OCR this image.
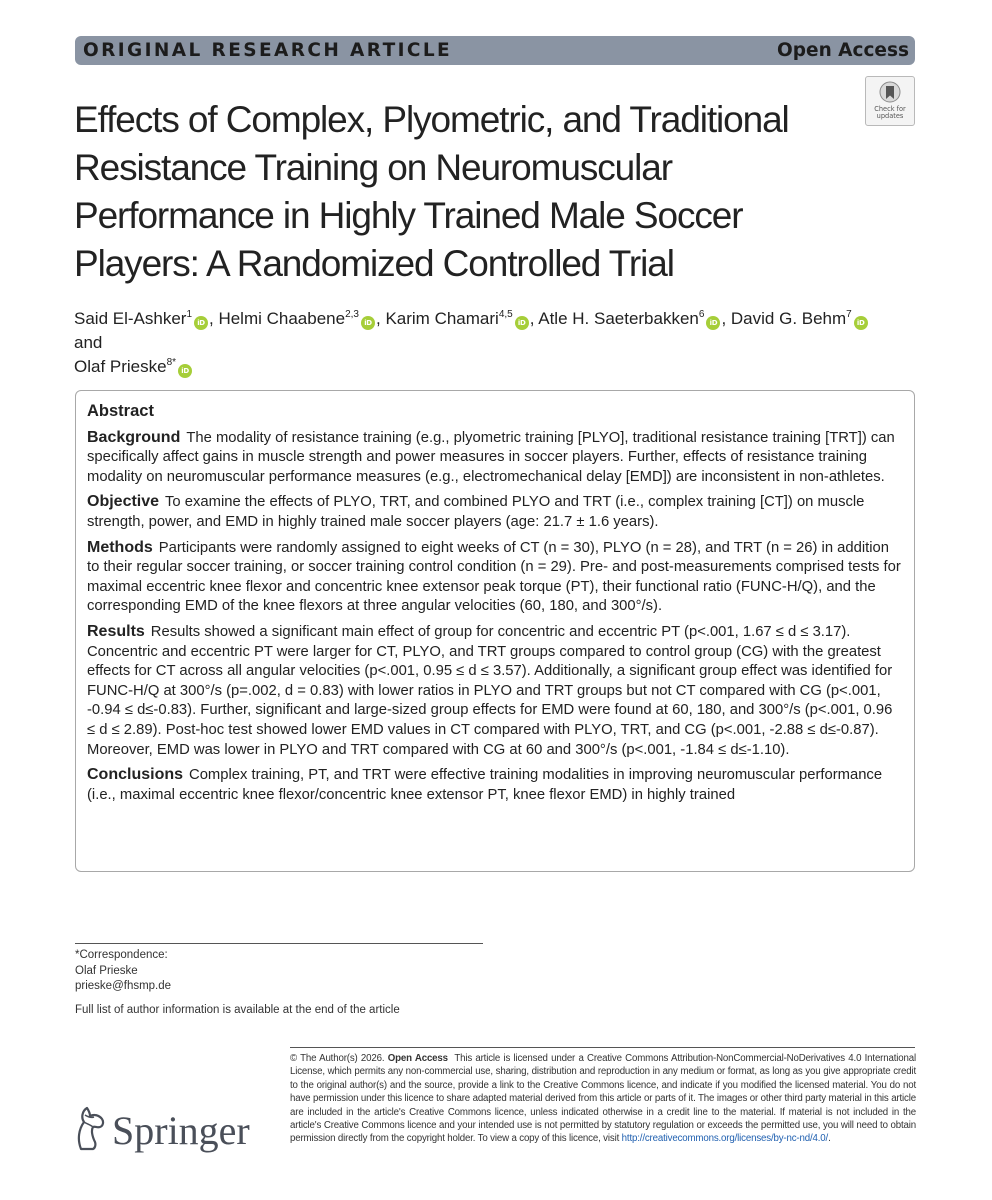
ORIGINAL RESEARCH ARTICLE	Open Access
Check for
updates
Effects of Complex, Plyometric, and Traditional Resistance Training on Neuromuscular Performance in Highly Trained Male Soccer Players: A Randomized Controlled Trial
Said El-Ashker$^1$iD , Helmi Chaabene$^{2,3}$iD , Karim Chamari$^{4,5}$iD , Atle H. Saeterbakken$^6$iD , David G. Behm$^7$iD and
Olaf Prieske$^{8*}$iD
Abstract

Background The modality of resistance training (e.g., plyometric training [PLYO], traditional resistance training [TRT]) can specifically affect gains in muscle strength and power measures in soccer players. Further, effects of resistance training modality on neuromuscular performance measures (e.g., electromechanical delay [EMD]) are inconsistent in non-athletes.

Objective To examine the effects of PLYO, TRT, and combined PLYO and TRT (i.e., complex training [CT]) on muscle strength, power, and EMD in highly trained male soccer players (age: 21.7 ± 1.6 years).

Methods Participants were randomly assigned to eight weeks of CT (n = 30), PLYO (n = 28), and TRT (n = 26) in addition to their regular soccer training, or soccer training control condition (n = 29). Pre- and post-measurements comprised tests for maximal eccentric knee flexor and concentric knee extensor peak torque (PT), their functional ratio (FUNC-H/Q), and the corresponding EMD of the knee flexors at three angular velocities (60, 180, and 300°/s).

Results Results showed a significant main effect of group for concentric and eccentric PT (p<.001, 1.67 ≤ d ≤ 3.17). Concentric and eccentric PT were larger for CT, PLYO, and TRT groups compared to control group (CG) with the greatest effects for CT across all angular velocities (p<.001, 0.95 ≤ d ≤ 3.57). Additionally, a significant group effect was identified for FUNC-H/Q at 300°/s (p=.002, d = 0.83) with lower ratios in PLYO and TRT groups but not CT compared with CG (p<.001, -0.94 ≤ d≤-0.83). Further, significant and large-sized group effects for EMD were found at 60, 180, and 300°/s (p<.001, 0.96 ≤ d ≤ 2.89). Post-hoc test showed lower EMD values in CT compared with PLYO, TRT, and CG (p<.001, -2.88 ≤ d≤-0.87). Moreover, EMD was lower in PLYO and TRT compared with CG at 60 and 300°/s (p<.001, -1.84 ≤ d≤-1.10).

Conclusions Complex training, PT, and TRT were effective training modalities in improving neuromuscular performance (i.e., maximal eccentric knee flexor/concentric knee extensor PT, knee flexor EMD) in highly trained

*Correspondence:
Olaf Prieske
prieske@fhsmp.de
Full list of author information is available at the end of the article
© The Author(s) 2026. Open Access This article is licensed under a Creative Commons Attribution-NonCommercial-NoDerivatives 4.0 International License, which permits any non-commercial use, sharing, distribution and reproduction in any medium or format, as long as you give appropriate credit to the original author(s) and the source, provide a link to the Creative Commons licence, and indicate if you modified the licensed material. You do not have permission under this licence to share adapted material derived from this article or parts of it. The images or other third party material in this article are included in the article's Creative Commons licence, unless indicated otherwise in a credit line to the material. If material is not included in the article's Creative Commons licence and your intended use is not permitted by statutory regulation or exceeds the permitted use, you will need to obtain permission directly from the copyright holder. To view a copy of this licence, visit http://creativecommons.org/licenses/by-nc-nd/4.0/.
Springer
